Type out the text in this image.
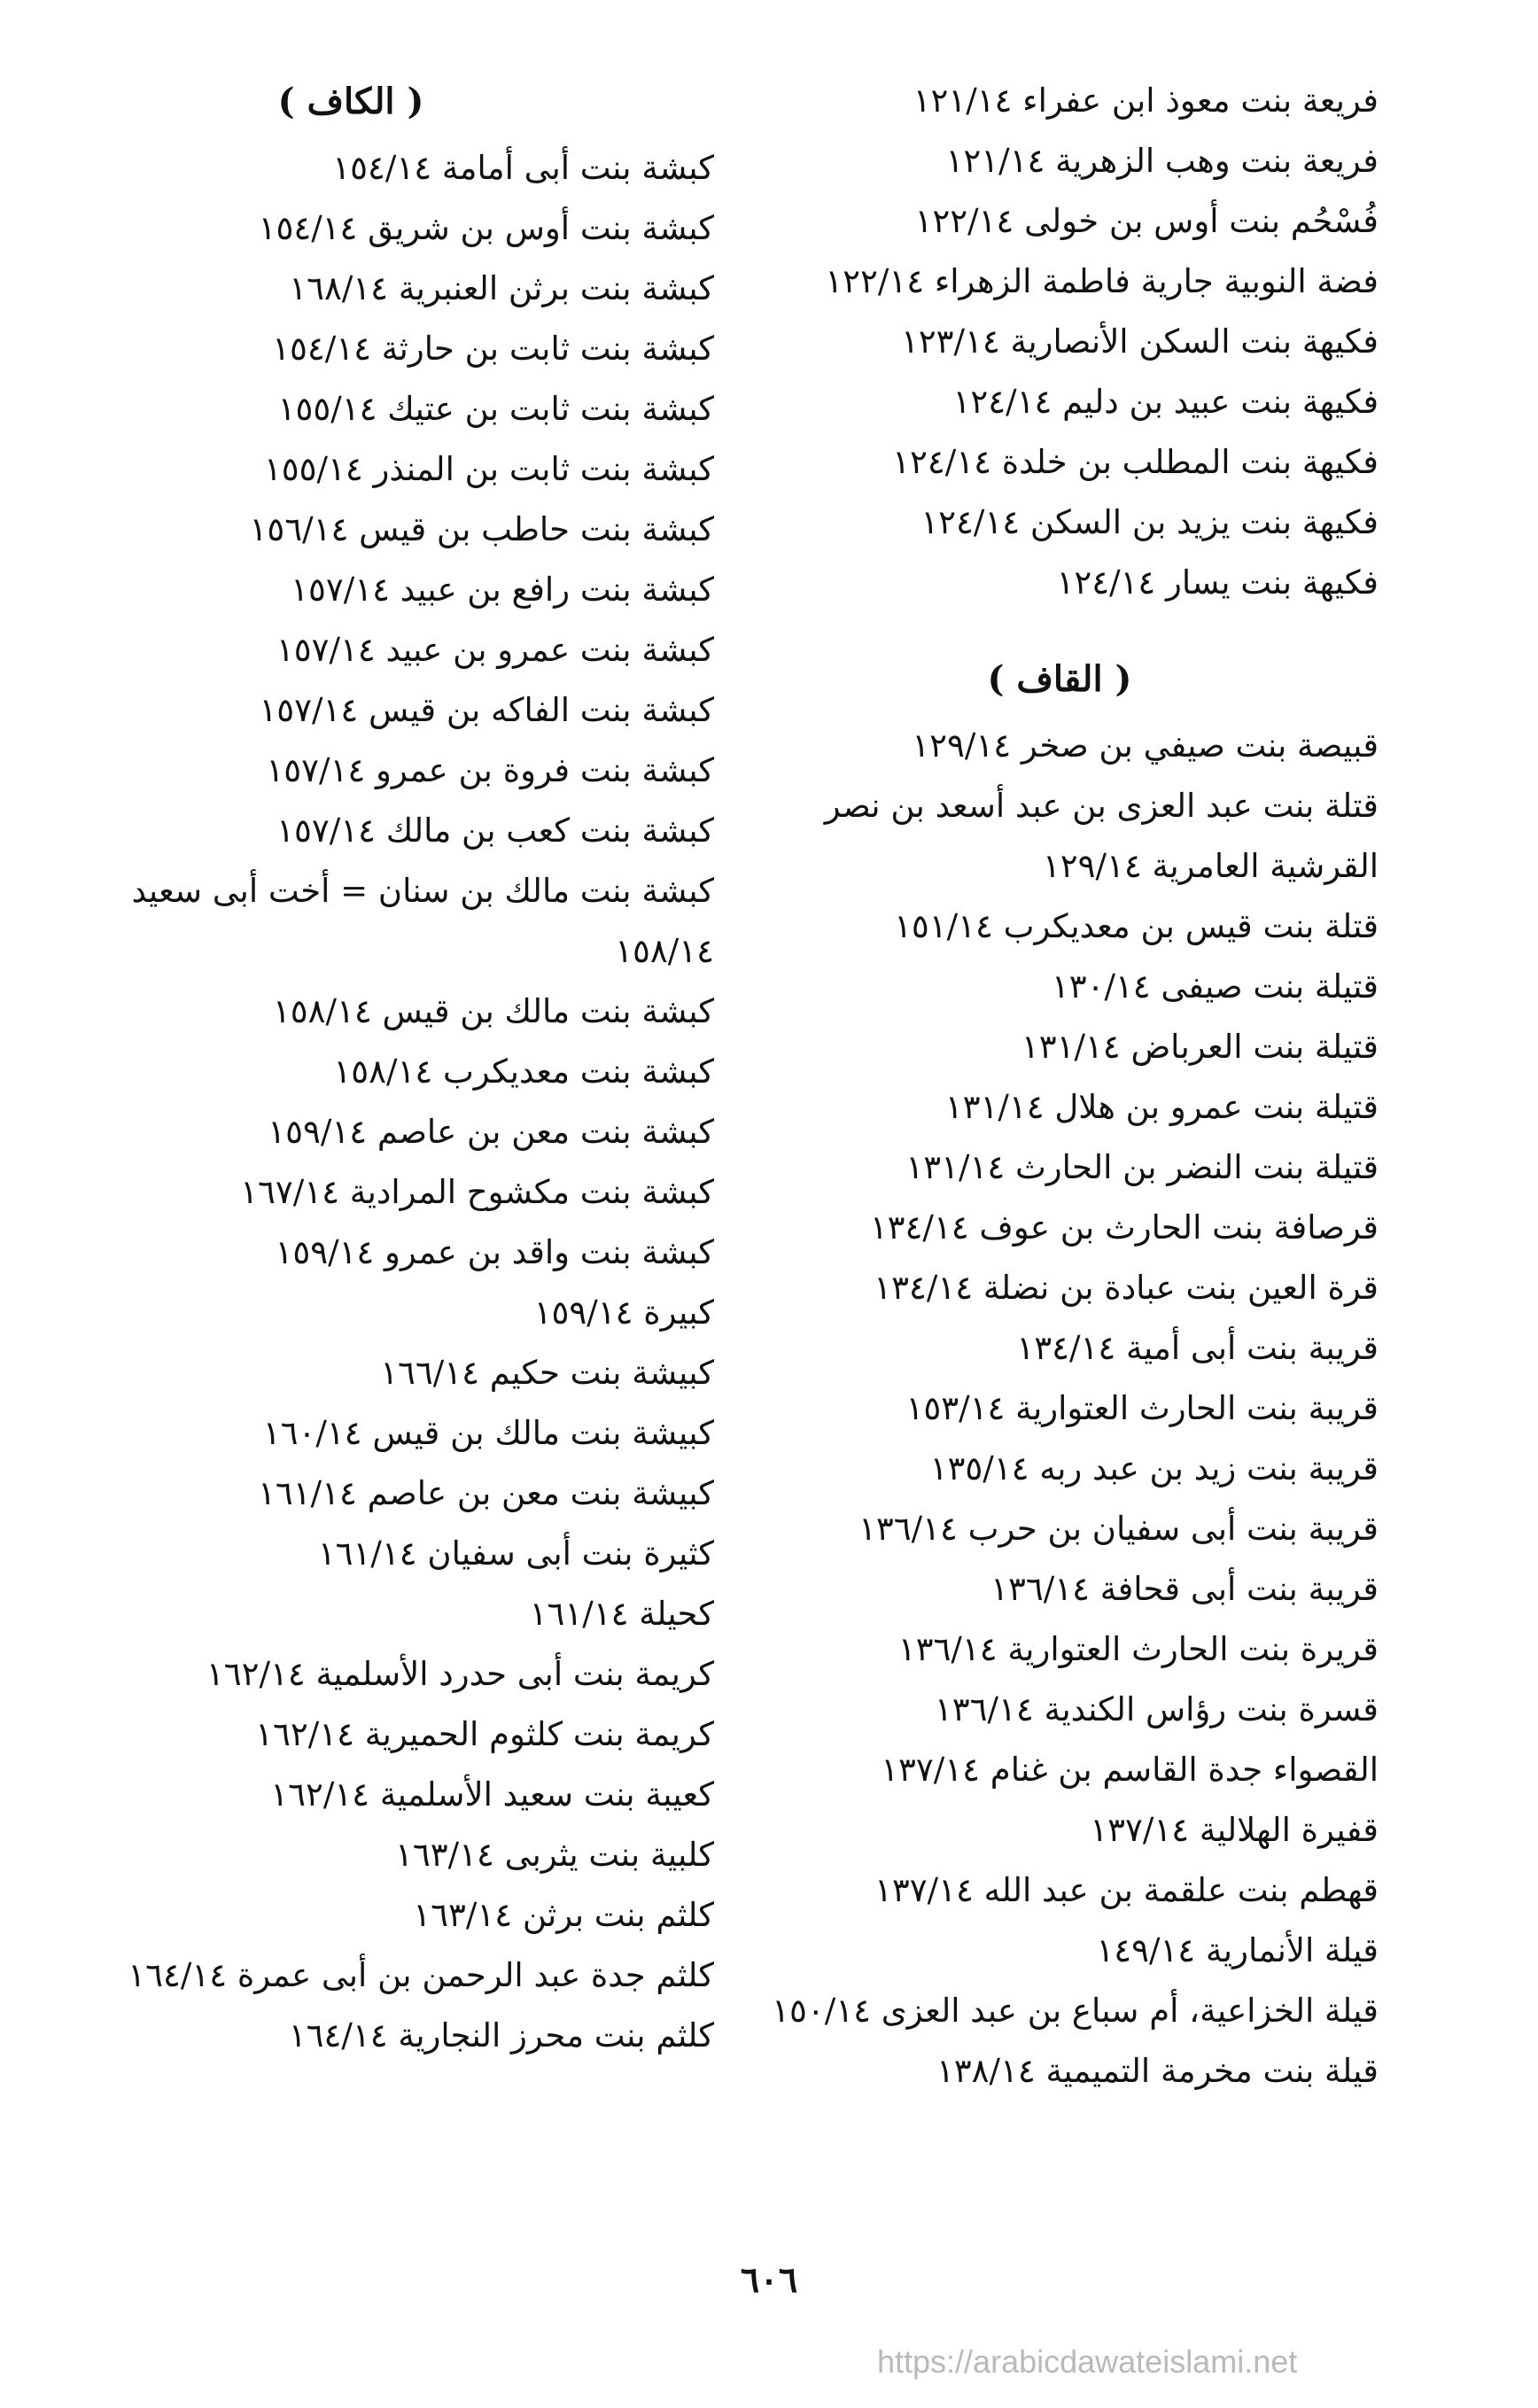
فريعة بنت معوذ ابن عفراء ١٢١/١٤
فريعة بنت وهب الزهرية ١٢١/١٤
فُسْحُم بنت أوس بن خولى ١٢٢/١٤
فضة النوبية جارية فاطمة الزهراء ١٢٢/١٤
فكيهة بنت السكن الأنصارية ١٢٣/١٤
فكيهة بنت عبيد بن دليم ١٢٤/١٤
فكيهة بنت المطلب بن خلدة ١٢٤/١٤
فكيهة بنت يزيد بن السكن ١٢٤/١٤
فكيهة بنت يسار ١٢٤/١٤
( القاف )
قبيصة بنت صيفي بن صخر ١٢٩/١٤
قتلة بنت عبد العزى بن عبد أسعد بن نصر القرشية العامرية ١٢٩/١٤
قتلة بنت قيس بن معديكرب ١٥١/١٤
قتيلة بنت صيفى ١٣٠/١٤
قتيلة بنت العرباض ١٣١/١٤
قتيلة بنت عمرو بن هلال ١٣١/١٤
قتيلة بنت النضر بن الحارث ١٣١/١٤
قرصافة بنت الحارث بن عوف ١٣٤/١٤
قرة العين بنت عبادة بن نضلة ١٣٤/١٤
قريبة بنت أبى أمية ١٣٤/١٤
قريبة بنت الحارث العتوارية ١٥٣/١٤
قريبة بنت زيد بن عبد ربه ١٣٥/١٤
قريبة بنت أبى سفيان بن حرب ١٣٦/١٤
قريبة بنت أبى قحافة ١٣٦/١٤
قريرة بنت الحارث العتوارية ١٣٦/١٤
قسرة بنت رؤاس الكندية ١٣٦/١٤
القصواء جدة القاسم بن غنام ١٣٧/١٤
قفيرة الهلالية ١٣٧/١٤
قهطم بنت علقمة بن عبد الله ١٣٧/١٤
قيلة الأنمارية ١٤٩/١٤
قيلة الخزاعية، أم سباع بن عبد العزى ١٥٠/١٤
قيلة بنت مخرمة التميمية ١٣٨/١٤
( الكاف )
كبشة بنت أبى أمامة ١٥٤/١٤
كبشة بنت أوس بن شريق ١٥٤/١٤
كبشة بنت برثن العنبرية ١٦٨/١٤
كبشة بنت ثابت بن حارثة ١٥٤/١٤
كبشة بنت ثابت بن عتيك ١٥٥/١٤
كبشة بنت ثابت بن المنذر ١٥٥/١٤
كبشة بنت حاطب بن قيس ١٥٦/١٤
كبشة بنت رافع بن عبيد ١٥٧/١٤
كبشة بنت عمرو بن عبيد ١٥٧/١٤
كبشة بنت الفاكه بن قيس ١٥٧/١٤
كبشة بنت فروة بن عمرو ١٥٧/١٤
كبشة بنت كعب بن مالك ١٥٧/١٤
كبشة بنت مالك بن سنان = أخت أبى سعيد ١٥٨/١٤
كبشة بنت مالك بن قيس ١٥٨/١٤
كبشة بنت معديكرب ١٥٨/١٤
كبشة بنت معن بن عاصم ١٥٩/١٤
كبشة بنت مكشوح المرادية ١٦٧/١٤
كبشة بنت واقد بن عمرو ١٥٩/١٤
كبيرة ١٥٩/١٤
كبيشة بنت حكيم ١٦٦/١٤
كبيشة بنت مالك بن قيس ١٦٠/١٤
كبيشة بنت معن بن عاصم ١٦١/١٤
كثيرة بنت أبى سفيان ١٦١/١٤
كحيلة ١٦١/١٤
كريمة بنت أبى حدرد الأسلمية ١٦٢/١٤
كريمة بنت كلثوم الحميرية ١٦٢/١٤
كعيبة بنت سعيد الأسلمية ١٦٢/١٤
كلبية بنت يثربى ١٦٣/١٤
كلثم بنت برثن ١٦٣/١٤
كلثم جدة عبد الرحمن بن أبى عمرة ١٦٤/١٤
كلثم بنت محرز النجارية ١٦٤/١٤
٦٠٦
https://arabicdawateislami.net
